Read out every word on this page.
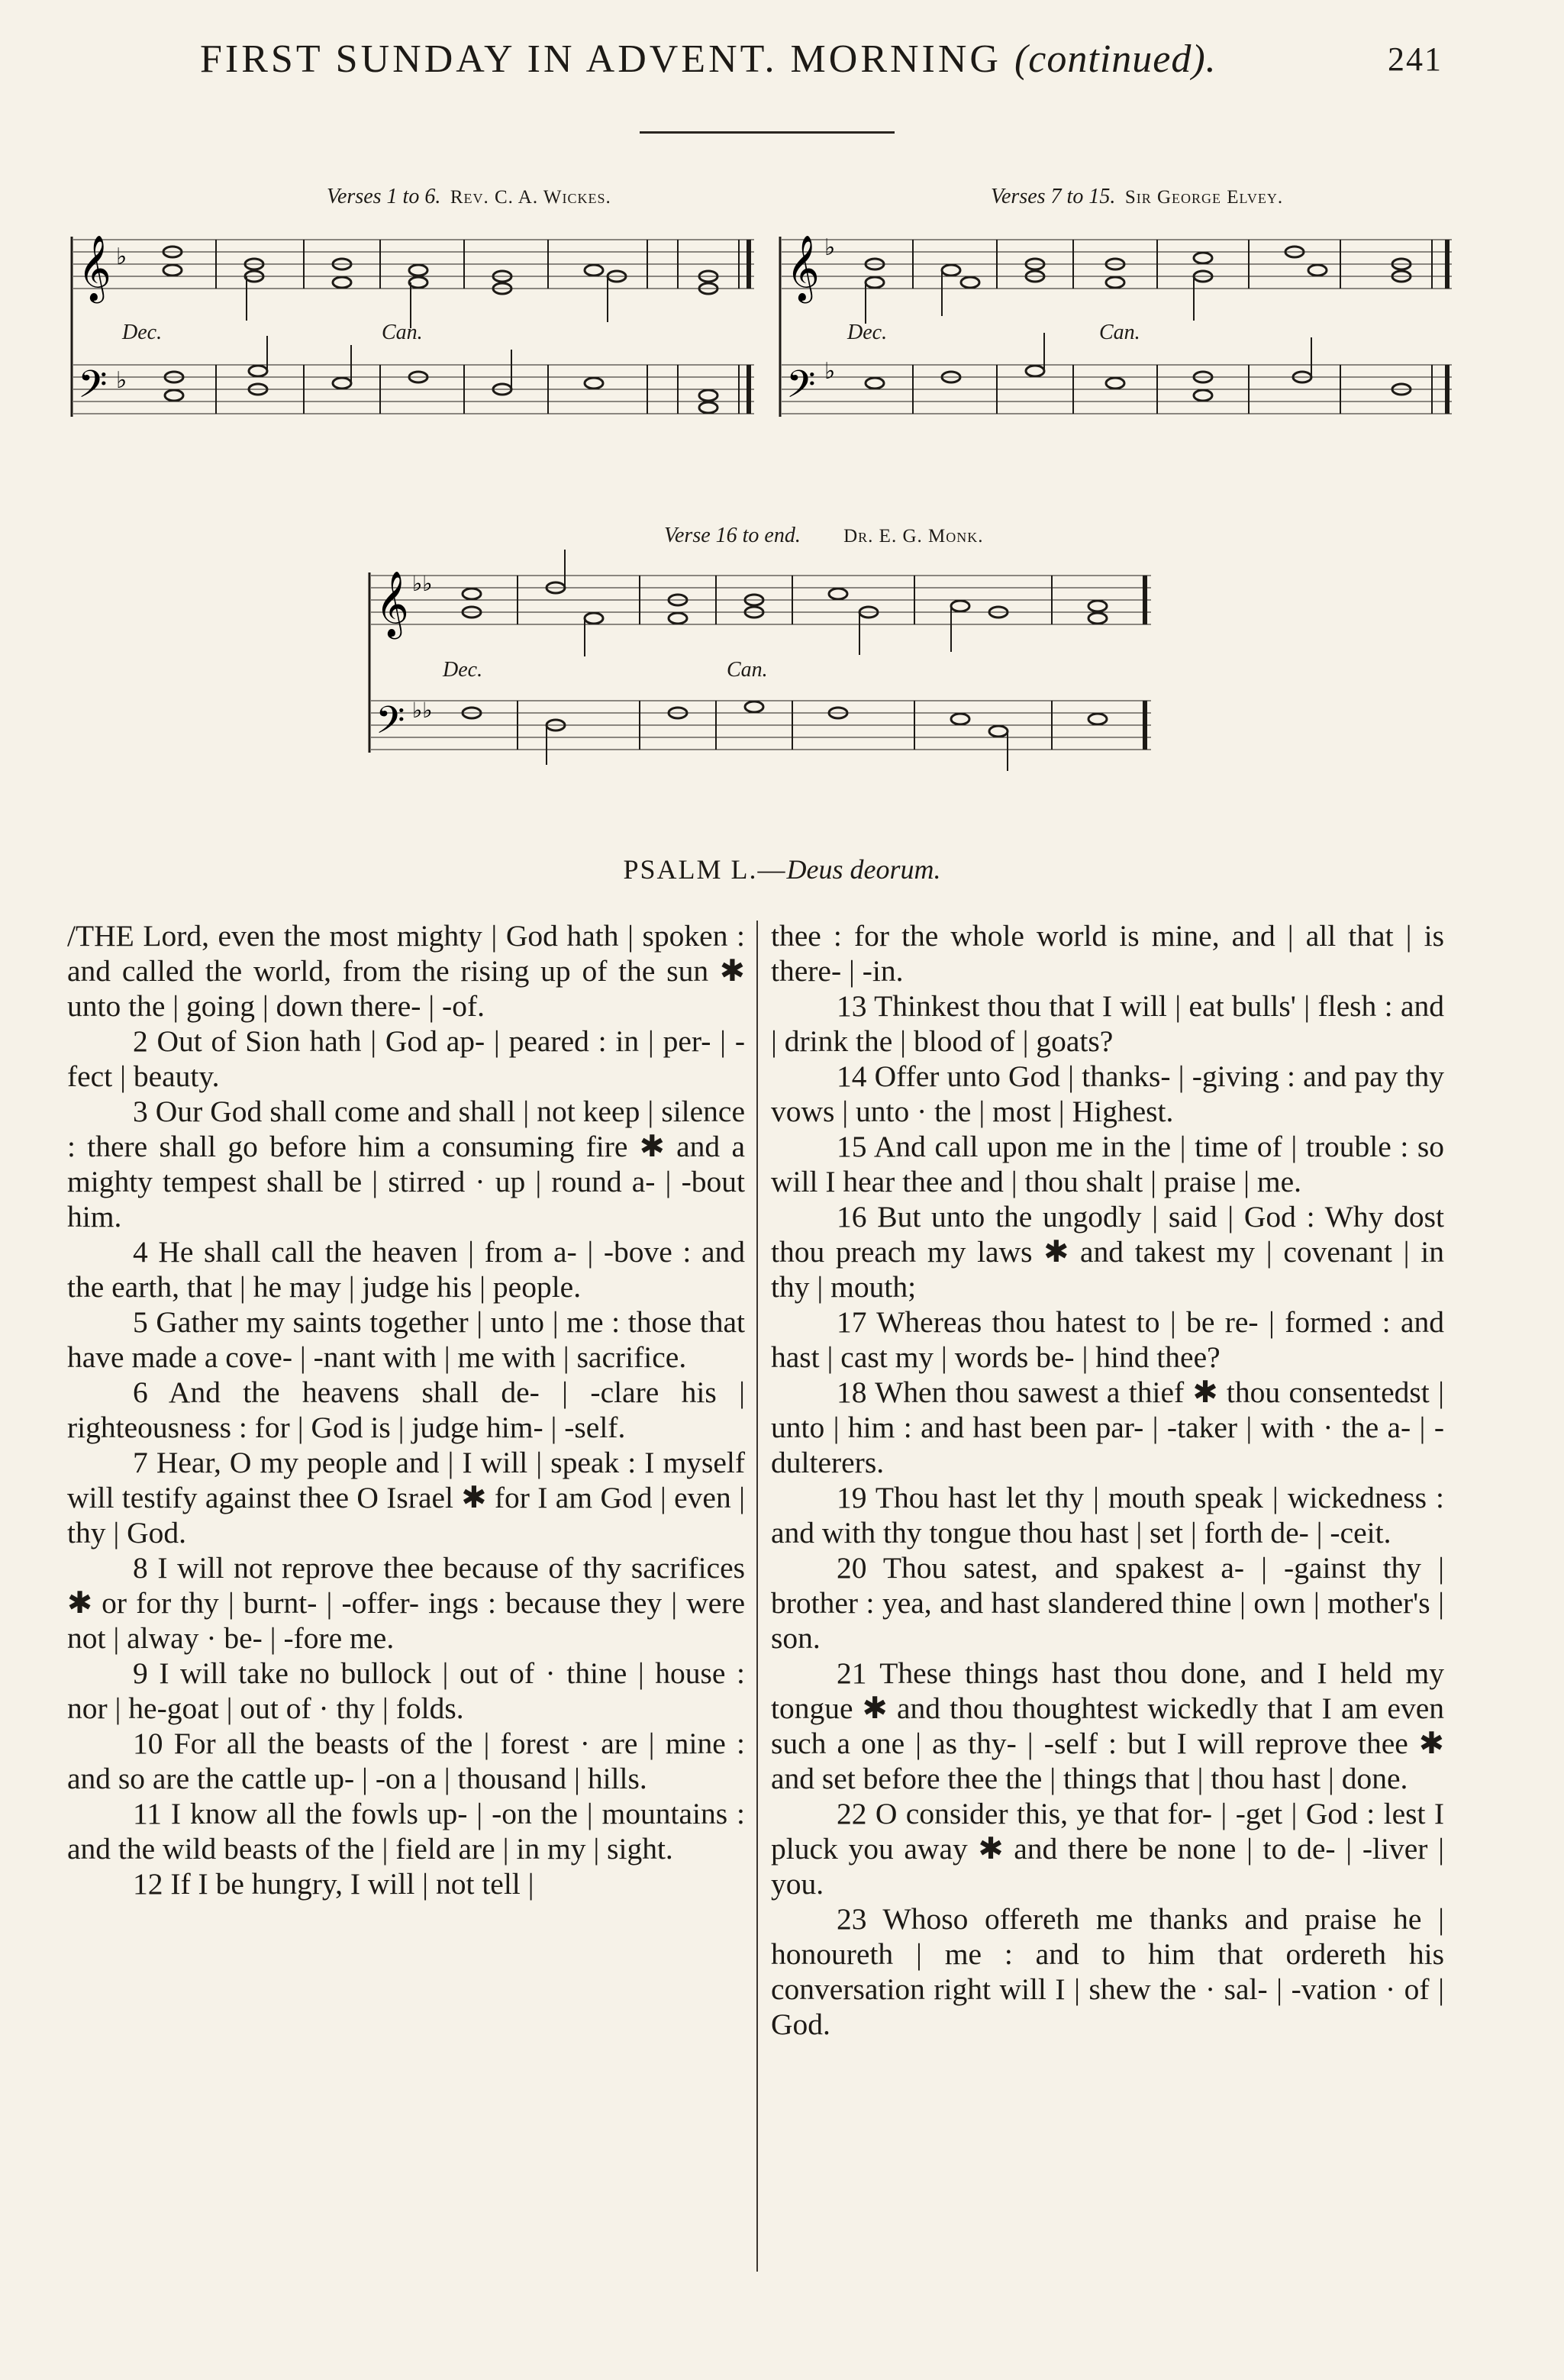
FIRST SUNDAY IN ADVENT. MORNING (continued).	241
Verses 1 to 6. Rev. C. A. Wickes.
𝄞
𝄢
♭
♭
Dec.	Can.
Verses 7 to 15. Sir George Elvey.
𝄞
𝄢
♭
♭
Dec.	Can.
Verse 16 to end. Dr. E. G. Monk.
𝄞
𝄢
♭♭
♭♭
Dec.	Can.
PSALM L.—Deus deorum.

/THE Lord, even the most mighty | God hath | spoken : and called the world, from the rising up of the sun ✱ unto the | going | down there- | -of.

2 Out of Sion hath | God ap- | peared : in | per- | -fect | beauty.

3 Our God shall come and shall | not keep | silence : there shall go before him a consuming fire ✱ and a mighty tempest shall be | stirred · up | round a- | -bout him.

4 He shall call the heaven | from a- | -bove : and the earth, that | he may | judge his | people.

5 Gather my saints together | unto | me : those that have made a cove- | -nant with | me with | sacrifice.

6 And the heavens shall de- | -clare his | righteousness : for | God is | judge him- | -self.

7 Hear, O my people and | I will | speak : I myself will testify against thee O Israel ✱ for I am God | even | thy | God.

8 I will not reprove thee because of thy sacrifices ✱ or for thy | burnt- | -offer- ings : because they | were not | alway · be- | -fore me.

9 I will take no bullock | out of · thine | house : nor | he-goat | out of · thy | folds.

10 For all the beasts of the | forest · are | mine : and so are the cattle up- | -on a | thousand | hills.

11 I know all the fowls up- | -on the | mountains : and the wild beasts of the | field are | in my | sight.

12 If I be hungry, I will | not tell |

thee : for the whole world is mine, and | all that | is there- | -in.

13 Thinkest thou that I will | eat bulls' | flesh : and | drink the | blood of | goats?

14 Offer unto God | thanks- | -giving : and pay thy vows | unto · the | most | Highest.

15 And call upon me in the | time of | trouble : so will I hear thee and | thou shalt | praise | me.

16 But unto the ungodly | said | God : Why dost thou preach my laws ✱ and takest my | covenant | in thy | mouth;

17 Whereas thou hatest to | be re- | formed : and hast | cast my | words be- | hind thee?

18 When thou sawest a thief ✱ thou consentedst | unto | him : and hast been par- | -taker | with · the a- | -dulterers.

19 Thou hast let thy | mouth speak | wickedness : and with thy tongue thou hast | set | forth de- | -ceit.

20 Thou satest, and spakest a- | -gainst thy | brother : yea, and hast slandered thine | own | mother's | son.

21 These things hast thou done, and I held my tongue ✱ and thou thoughtest wickedly that I am even such a one | as thy- | -self : but I will reprove thee ✱ and set before thee the | things that | thou hast | done.

22 O consider this, ye that for- | -get | God : lest I pluck you away ✱ and there be none | to de- | -liver | you.

23 Whoso offereth me thanks and praise he | honoureth | me : and to him that ordereth his conversation right will I | shew the · sal- | -vation · of | God.
